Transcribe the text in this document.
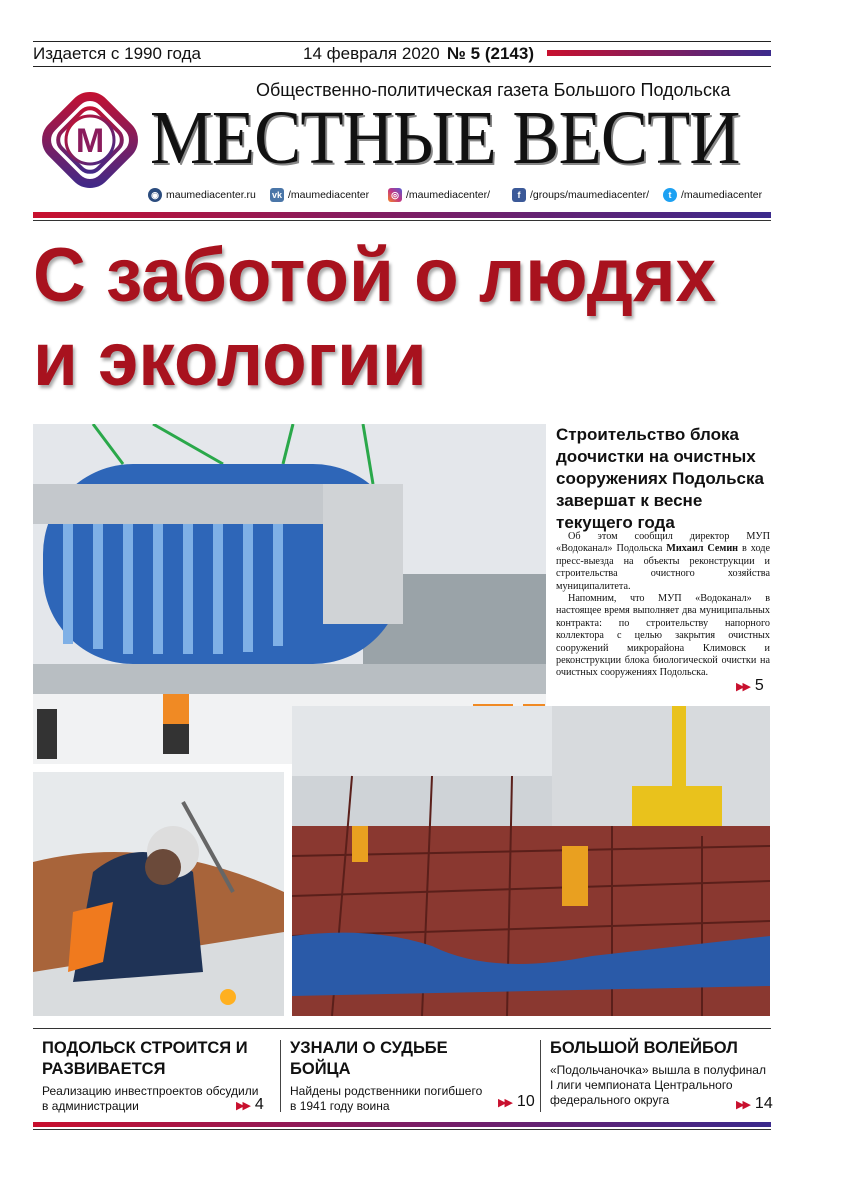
Издается с 1990 года	14 февраля 2020 № 5 (2143)
Общественно-политическая газета Большого Подольска
М МЕСТНЫЕ ВЕСТИ
◉ maumediacenter.ru vk /maumediacenter	◎ /maumediacenter/	f /groups/maumediacenter/	t /maumediacenter
С заботой о людях
и экологии
Строительство блока доочистки на очистных сооружениях Подольска завершат к весне текущего года

Об этом сообщил директор МУП «Водоканал» Подольска Михаил Семин в ходе пресс-выезда на объекты реконструкции и строительства очистного хозяйства муниципалитета.

Напомним, что МУП «Водоканал» в настоящее время выполняет два муниципальных контракта: по строительству напорного коллектора с целью закрытия очистных сооружений микрорайона Климовск и реконструкции блока биологической очистки на очистных сооружениях Подольска.

▶▶ 5
ПОДОЛЬСК СТРОИТСЯ И РАЗВИВАЕТСЯ

Реализацию инвестпроектов обсудили в администрации	▶▶ 4
УЗНАЛИ О СУДЬБЕ БОЙЦА

Найдены родственники погибшего в 1941 году воина	▶▶ 10
БОЛЬШОЙ ВОЛЕЙБОЛ

«Подольчаночка» вышла в полуфинал I лиги чемпионата Центрального федерального округа	▶▶ 14
